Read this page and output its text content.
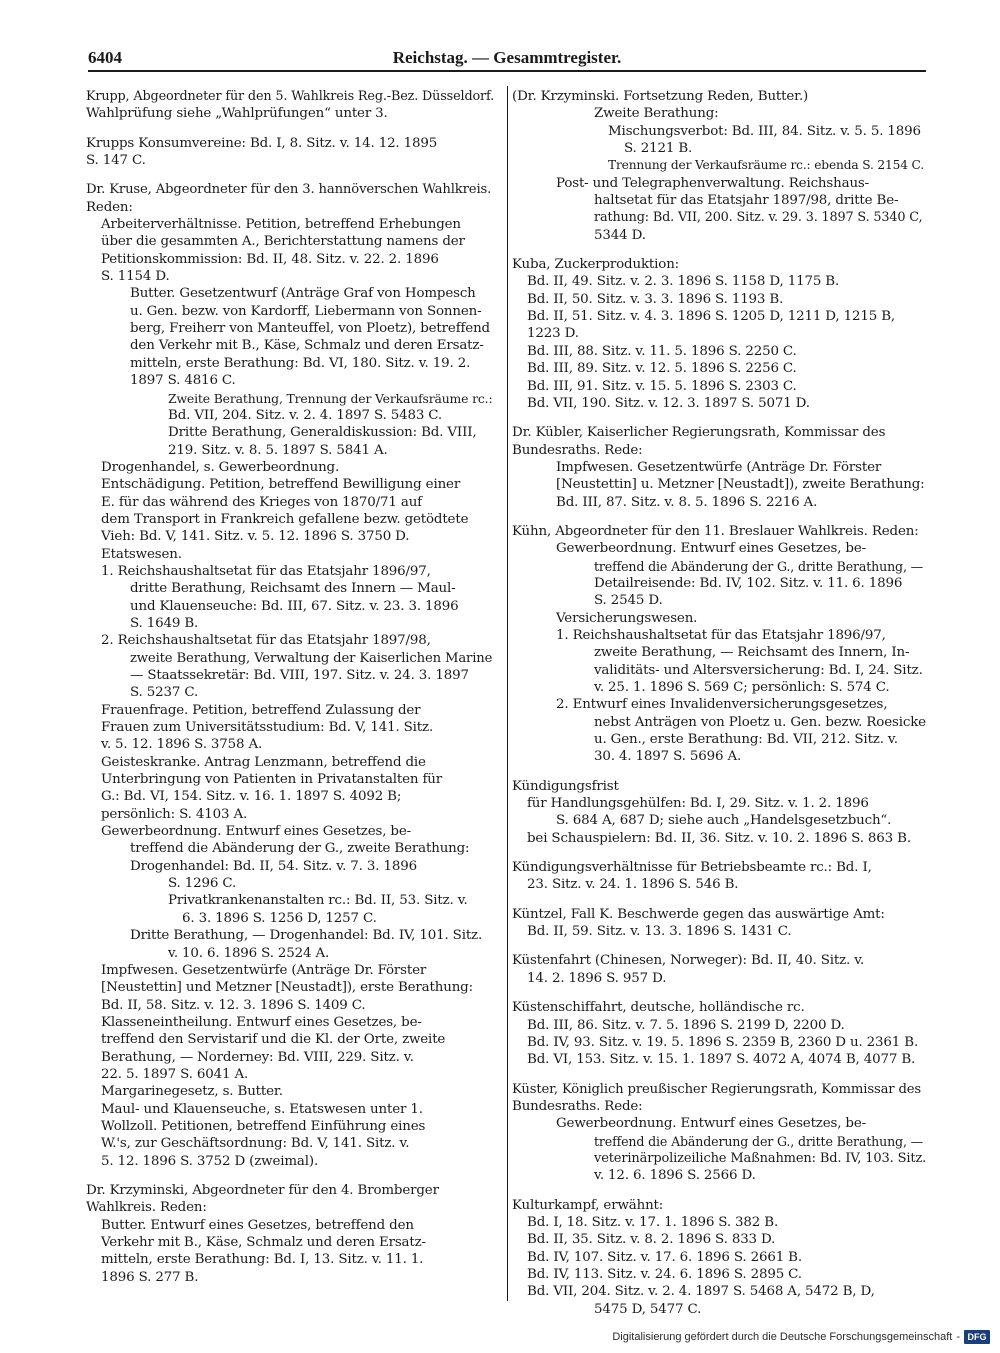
6404	Reichstag. — Gesammtregister.
Krupp, Abgeordneter für den 5. Wahlkreis Reg.-Bez. Düsseldorf.
Wahlprüfung siehe „Wahlprüfungen“ unter 3.
Krupps Konsumvereine: Bd. I, 8. Sitz. v. 14. 12. 1895
S. 147 C.
Dr. Kruse, Abgeordneter für den 3. hannöverschen Wahlkreis.
Reden:
Arbeiterverhältnisse. Petition, betreffend Erhebungen
über die gesammten A., Berichterstattung namens der
Petitionskommission: Bd. II, 48. Sitz. v. 22. 2. 1896
S. 1154 D.
Butter. Gesetzentwurf (Anträge Graf von Hompesch
u. Gen. bezw. von Kardorff, Liebermann von Sonnen-
berg, Freiherr von Manteuffel, von Ploetz), betreffend
den Verkehr mit B., Käse, Schmalz und deren Ersatz-
mitteln, erste Berathung: Bd. VI, 180. Sitz. v. 19. 2.
1897 S. 4816 C.
Zweite Berathung, Trennung der Verkaufsräume rc.:
Bd. VII, 204. Sitz. v. 2. 4. 1897 S. 5483 C.
Dritte Berathung, Generaldiskussion: Bd. VIII,
219. Sitz. v. 8. 5. 1897 S. 5841 A.
Drogenhandel, s. Gewerbeordnung.
Entschädigung. Petition, betreffend Bewilligung einer
E. für das während des Krieges von 1870/71 auf
dem Transport in Frankreich gefallene bezw. getödtete
Vieh: Bd. V, 141. Sitz. v. 5. 12. 1896 S. 3750 D.
Etatswesen.
1. Reichshaushaltsetat für das Etatsjahr 1896/97,
dritte Berathung, Reichsamt des Innern — Maul-
und Klauenseuche: Bd. III, 67. Sitz. v. 23. 3. 1896
S. 1649 B.
2. Reichshaushaltsetat für das Etatsjahr 1897/98,
zweite Berathung, Verwaltung der Kaiserlichen Marine
— Staatssekretär: Bd. VIII, 197. Sitz. v. 24. 3. 1897
S. 5237 C.
Frauenfrage. Petition, betreffend Zulassung der
Frauen zum Universitätsstudium: Bd. V, 141. Sitz.
v. 5. 12. 1896 S. 3758 A.
Geisteskranke. Antrag Lenzmann, betreffend die
Unterbringung von Patienten in Privatanstalten für
G.: Bd. VI, 154. Sitz. v. 16. 1. 1897 S. 4092 B;
persönlich: S. 4103 A.
Gewerbeordnung. Entwurf eines Gesetzes, be-
treffend die Abänderung der G., zweite Berathung:
Drogenhandel: Bd. II, 54. Sitz. v. 7. 3. 1896
S. 1296 C.
Privatkrankenanstalten rc.: Bd. II, 53. Sitz. v.
6. 3. 1896 S. 1256 D, 1257 C.
Dritte Berathung, — Drogenhandel: Bd. IV, 101. Sitz.
v. 10. 6. 1896 S. 2524 A.
Impfwesen. Gesetzentwürfe (Anträge Dr. Förster
[Neustettin] und Metzner [Neustadt]), erste Berathung:
Bd. II, 58. Sitz. v. 12. 3. 1896 S. 1409 C.
Klasseneintheilung. Entwurf eines Gesetzes, be-
treffend den Servistarif und die Kl. der Orte, zweite
Berathung, — Norderney: Bd. VIII, 229. Sitz. v.
22. 5. 1897 S. 6041 A.
Margarinegesetz, s. Butter.
Maul- und Klauenseuche, s. Etatswesen unter 1.
Wollzoll. Petitionen, betreffend Einführung eines
W.'s, zur Geschäftsordnung: Bd. V, 141. Sitz. v.
5. 12. 1896 S. 3752 D (zweimal).
Dr. Krzyminski, Abgeordneter für den 4. Bromberger
Wahlkreis. Reden:
Butter. Entwurf eines Gesetzes, betreffend den
Verkehr mit B., Käse, Schmalz und deren Ersatz-
mitteln, erste Berathung: Bd. I, 13. Sitz. v. 11. 1.
1896 S. 277 B.
(Dr. Krzyminski. Fortsetzung Reden, Butter.)
Zweite Berathung:
Mischungsverbot: Bd. III, 84. Sitz. v. 5. 5. 1896
S. 2121 B.
Trennung der Verkaufsräume rc.: ebenda S. 2154 C.
Post- und Telegraphenverwaltung. Reichshaus-
haltsetat für das Etatsjahr 1897/98, dritte Be-
rathung: Bd. VII, 200. Sitz. v. 29. 3. 1897 S. 5340 C,
5344 D.
Kuba, Zuckerproduktion:
Bd. II, 49. Sitz. v. 2. 3. 1896 S. 1158 D, 1175 B.
Bd. II, 50. Sitz. v. 3. 3. 1896 S. 1193 B.
Bd. II, 51. Sitz. v. 4. 3. 1896 S. 1205 D, 1211 D, 1215 B,
1223 D.
Bd. III, 88. Sitz. v. 11. 5. 1896 S. 2250 C.
Bd. III, 89. Sitz. v. 12. 5. 1896 S. 2256 C.
Bd. III, 91. Sitz. v. 15. 5. 1896 S. 2303 C.
Bd. VII, 190. Sitz. v. 12. 3. 1897 S. 5071 D.
Dr. Kübler, Kaiserlicher Regierungsrath, Kommissar des
Bundesraths. Rede:
Impfwesen. Gesetzentwürfe (Anträge Dr. Förster
[Neustettin] u. Metzner [Neustadt]), zweite Berathung:
Bd. III, 87. Sitz. v. 8. 5. 1896 S. 2216 A.
Kühn, Abgeordneter für den 11. Breslauer Wahlkreis. Reden:
Gewerbeordnung. Entwurf eines Gesetzes, be-
treffend die Abänderung der G., dritte Berathung, —
Detailreisende: Bd. IV, 102. Sitz. v. 11. 6. 1896
S. 2545 D.
Versicherungswesen.
1. Reichshaushaltsetat für das Etatsjahr 1896/97,
zweite Berathung, — Reichsamt des Innern, In-
validitäts- und Altersversicherung: Bd. I, 24. Sitz.
v. 25. 1. 1896 S. 569 C; persönlich: S. 574 C.
2. Entwurf eines Invalidenversicherungsgesetzes,
nebst Anträgen von Ploetz u. Gen. bezw. Roesicke
u. Gen., erste Berathung: Bd. VII, 212. Sitz. v.
30. 4. 1897 S. 5696 A.
Kündigungsfrist
für Handlungsgehülfen: Bd. I, 29. Sitz. v. 1. 2. 1896
S. 684 A, 687 D; siehe auch „Handelsgesetzbuch“.
bei Schauspielern: Bd. II, 36. Sitz. v. 10. 2. 1896 S. 863 B.
Kündigungsverhältnisse für Betriebsbeamte rc.: Bd. I,
23. Sitz. v. 24. 1. 1896 S. 546 B.
Küntzel, Fall K. Beschwerde gegen das auswärtige Amt:
Bd. II, 59. Sitz. v. 13. 3. 1896 S. 1431 C.
Küstenfahrt (Chinesen, Norweger): Bd. II, 40. Sitz. v.
14. 2. 1896 S. 957 D.
Küstenschiffahrt, deutsche, holländische rc.
Bd. III, 86. Sitz. v. 7. 5. 1896 S. 2199 D, 2200 D.
Bd. IV, 93. Sitz. v. 19. 5. 1896 S. 2359 B, 2360 D u. 2361 B.
Bd. VI, 153. Sitz. v. 15. 1. 1897 S. 4072 A, 4074 B, 4077 B.
Küster, Königlich preußischer Regierungsrath, Kommissar des
Bundesraths. Rede:
Gewerbeordnung. Entwurf eines Gesetzes, be-
treffend die Abänderung der G., dritte Berathung, —
veterinärpolizeiliche Maßnahmen: Bd. IV, 103. Sitz.
v. 12. 6. 1896 S. 2566 D.
Kulturkampf, erwähnt:
Bd. I, 18. Sitz. v. 17. 1. 1896 S. 382 B.
Bd. II, 35. Sitz. v. 8. 2. 1896 S. 833 D.
Bd. IV, 107. Sitz. v. 17. 6. 1896 S. 2661 B.
Bd. IV, 113. Sitz. v. 24. 6. 1896 S. 2895 C.
Bd. VII, 204. Sitz. v. 2. 4. 1897 S. 5468 A, 5472 B, D,
5475 D, 5477 C.
Digitalisierung gefördert durch die Deutsche Forschungsgemeinschaft - DFG
